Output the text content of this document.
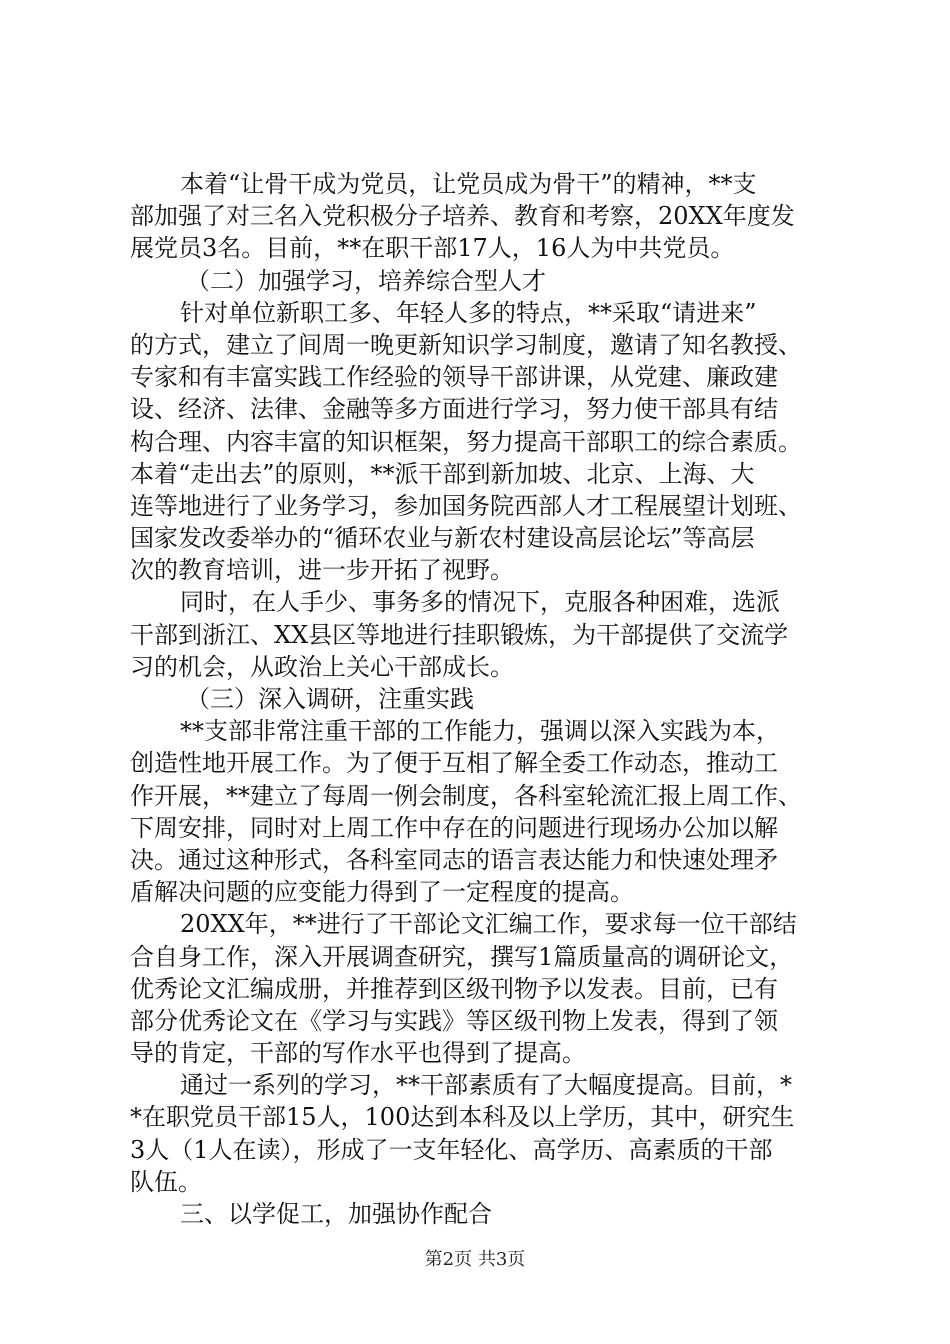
本着“让骨干成为党员，让党员成为骨干”的精神，**支
部加强了对三名入党积极分子培养、教育和考察，20XX年度发
展党员3名。目前，**在职干部17人，16人为中共党员。
（二）加强学习，培养综合型人才
针对单位新职工多、年轻人多的特点，**采取“请进来”
的方式，建立了间周一晚更新知识学习制度，邀请了知名教授、
专家和有丰富实践工作经验的领导干部讲课，从党建、廉政建
设、经济、法律、金融等多方面进行学习，努力使干部具有结
构合理、内容丰富的知识框架，努力提高干部职工的综合素质。
本着“走出去”的原则，**派干部到新加坡、北京、上海、大
连等地进行了业务学习，参加国务院西部人才工程展望计划班、
国家发改委举办的“循环农业与新农村建设高层论坛”等高层
次的教育培训，进一步开拓了视野。
同时，在人手少、事务多的情况下，克服各种困难，选派
干部到浙江、XX县区等地进行挂职锻炼，为干部提供了交流学
习的机会，从政治上关心干部成长。
（三）深入调研，注重实践
**支部非常注重干部的工作能力，强调以深入实践为本，
创造性地开展工作。为了便于互相了解全委工作动态，推动工
作开展，**建立了每周一例会制度，各科室轮流汇报上周工作、
下周安排，同时对上周工作中存在的问题进行现场办公加以解
决。通过这种形式，各科室同志的语言表达能力和快速处理矛
盾解决问题的应变能力得到了一定程度的提高。
20XX年，**进行了干部论文汇编工作，要求每一位干部结
合自身工作，深入开展调查研究，撰写1篇质量高的调研论文，
优秀论文汇编成册，并推荐到区级刊物予以发表。目前，已有
部分优秀论文在《学习与实践》等区级刊物上发表，得到了领
导的肯定，干部的写作水平也得到了提高。
通过一系列的学习，**干部素质有了大幅度提高。目前，*
*在职党员干部15人，100达到本科及以上学历，其中，研究生
3人（1人在读），形成了一支年轻化、高学历、高素质的干部
队伍。
三、以学促工，加强协作配合
第2页 共3页
